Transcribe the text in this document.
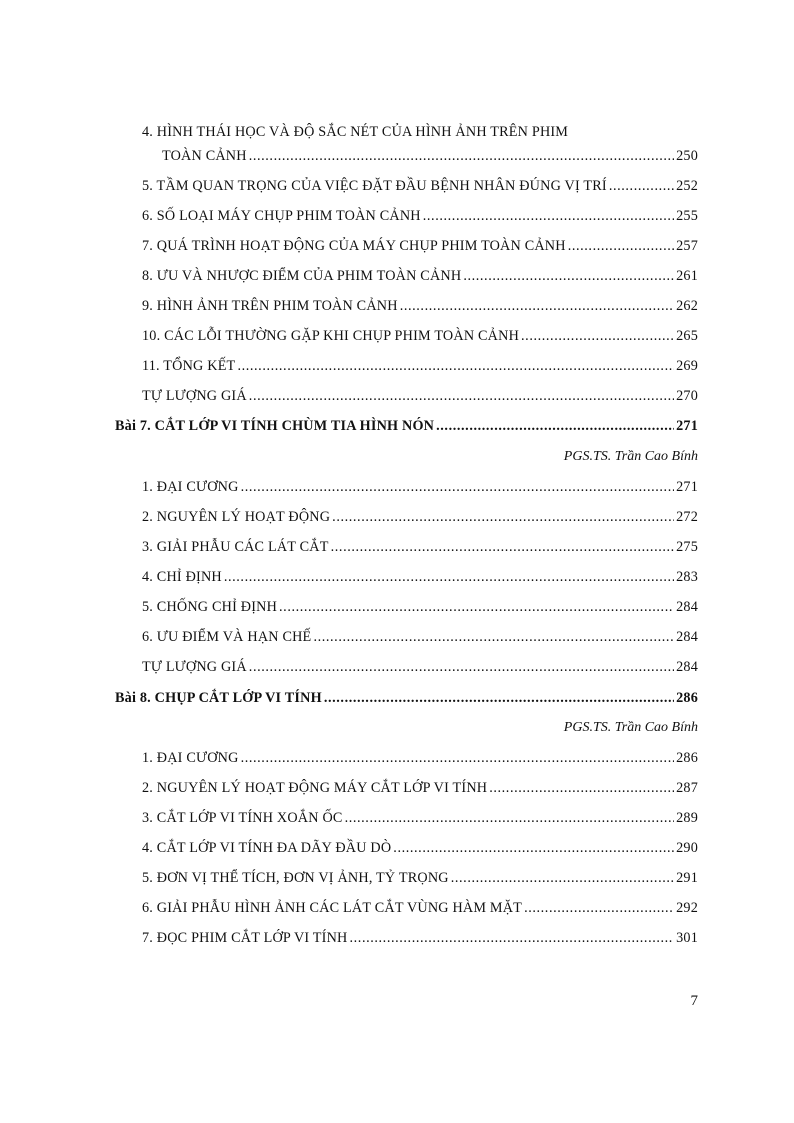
4. HÌNH THÁI HỌC VÀ ĐỘ SẮC NÉT CỦA HÌNH ẢNH TRÊN PHIM
TOÀN CẢNH .....	250
5. TẦM QUAN TRỌNG CỦA VIỆC ĐẶT ĐẦU BỆNH NHÂN ĐÚNG VỊ TRÍ .....	252
6. SỐ LOẠI MÁY CHỤP PHIM TOÀN CẢNH .....	255
7. QUÁ TRÌNH HOẠT ĐỘNG CỦA MÁY CHỤP PHIM TOÀN CẢNH .....	257
8. ƯU VÀ NHƯỢC ĐIỂM CỦA PHIM TOÀN CẢNH .....	261
9. HÌNH ẢNH TRÊN PHIM TOÀN CẢNH .....	262
10. CÁC LỖI THƯỜNG GẶP KHI CHỤP PHIM TOÀN CẢNH .....	265
11. TỔNG KẾT .....	269
TỰ LƯỢNG GIÁ .....	270
Bài 7. CẮT LỚP VI TÍNH CHÙM TIA HÌNH NÓN .....	271
PGS.TS. Trần Cao Bính
1. ĐẠI CƯƠNG .....	271
2. NGUYÊN LÝ HOẠT ĐỘNG .....	272
3. GIẢI PHẪU CÁC LÁT CẮT .....	275
4. CHỈ ĐỊNH .....	283
5. CHỐNG CHỈ ĐỊNH .....	284
6. ƯU ĐIỂM VÀ HẠN CHẾ .....	284
TỰ LƯỢNG GIÁ .....	284
Bài 8. CHỤP CẮT LỚP VI TÍNH .....	286
PGS.TS. Trần Cao Bính
1. ĐẠI CƯƠNG .....	286
2. NGUYÊN LÝ HOẠT ĐỘNG MÁY CẮT LỚP VI TÍNH .....	287
3. CẮT LỚP VI TÍNH XOẮN ỐC .....	289
4. CẮT LỚP VI TÍNH ĐA DÃY ĐẦU DÒ .....	290
5. ĐƠN VỊ THỂ TÍCH, ĐƠN VỊ ẢNH, TỶ TRỌNG .....	291
6. GIẢI PHẪU HÌNH ẢNH CÁC LÁT CẮT VÙNG HÀM MẶT .....	292
7. ĐỌC PHIM CẮT LỚP VI TÍNH .....	301
7
